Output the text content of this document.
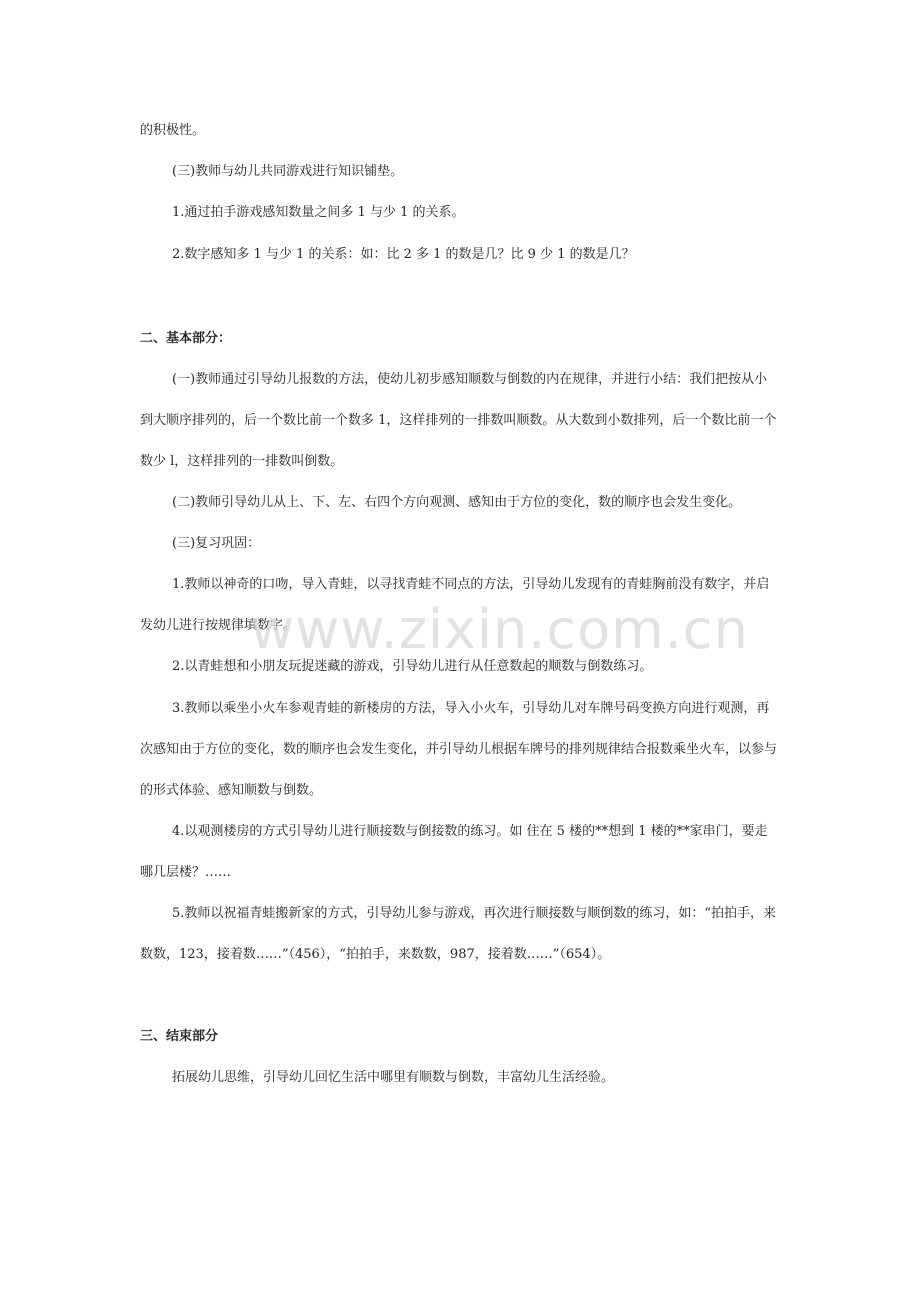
的积极性。
(三)教师与幼儿共同游戏进行知识铺垫。
1.通过拍手游戏感知数量之间多 1 与少 1 的关系。
2.数字感知多 1 与少 1 的关系：如：比 2 多 1 的数是几？比 9 少 1 的数是几？
二、基本部分：
(一)教师通过引导幼儿报数的方法，使幼儿初步感知顺数与倒数的内在规律，并进行小结：我们把按从小到大顺序排列的，后一个数比前一个数多 1，这样排列的一排数叫顺数。从大数到小数排列，后一个数比前一个数少 l，这样排列的一排数叫倒数。
(二)教师引导幼儿从上、下、左、右四个方向观测、感知由于方位的变化，数的顺序也会发生变化。
(三)复习巩固：
1.教师以神奇的口吻，导入青蛙，以寻找青蛙不同点的方法，引导幼儿发现有的青蛙胸前没有数字，并启发幼儿进行按规律填数字。
2.以青蛙想和小朋友玩捉迷藏的游戏，引导幼儿进行从任意数起的顺数与倒数练习。
3.教师以乘坐小火车参观青蛙的新楼房的方法，导入小火车，引导幼儿对车牌号码变换方向进行观测，再次感知由于方位的变化，数的顺序也会发生变化，并引导幼儿根据车牌号的排列规律结合报数乘坐火车，以参与的形式体验、感知顺数与倒数。
4.以观测楼房的方式引导幼儿进行顺接数与倒接数的练习。如 住在 5 楼的**想到 1 楼的**家串门，要走哪几层楼？……
5.教师以祝福青蛙搬新家的方式，引导幼儿参与游戏，再次进行顺接数与顺倒数的练习，如：“拍拍手，来数数，123，接着数……”（456），“拍拍手，来数数，987，接着数……”（654）。
三、结束部分
拓展幼儿思维，引导幼儿回忆生活中哪里有顺数与倒数，丰富幼儿生活经验。
www.zixin.com.cn
